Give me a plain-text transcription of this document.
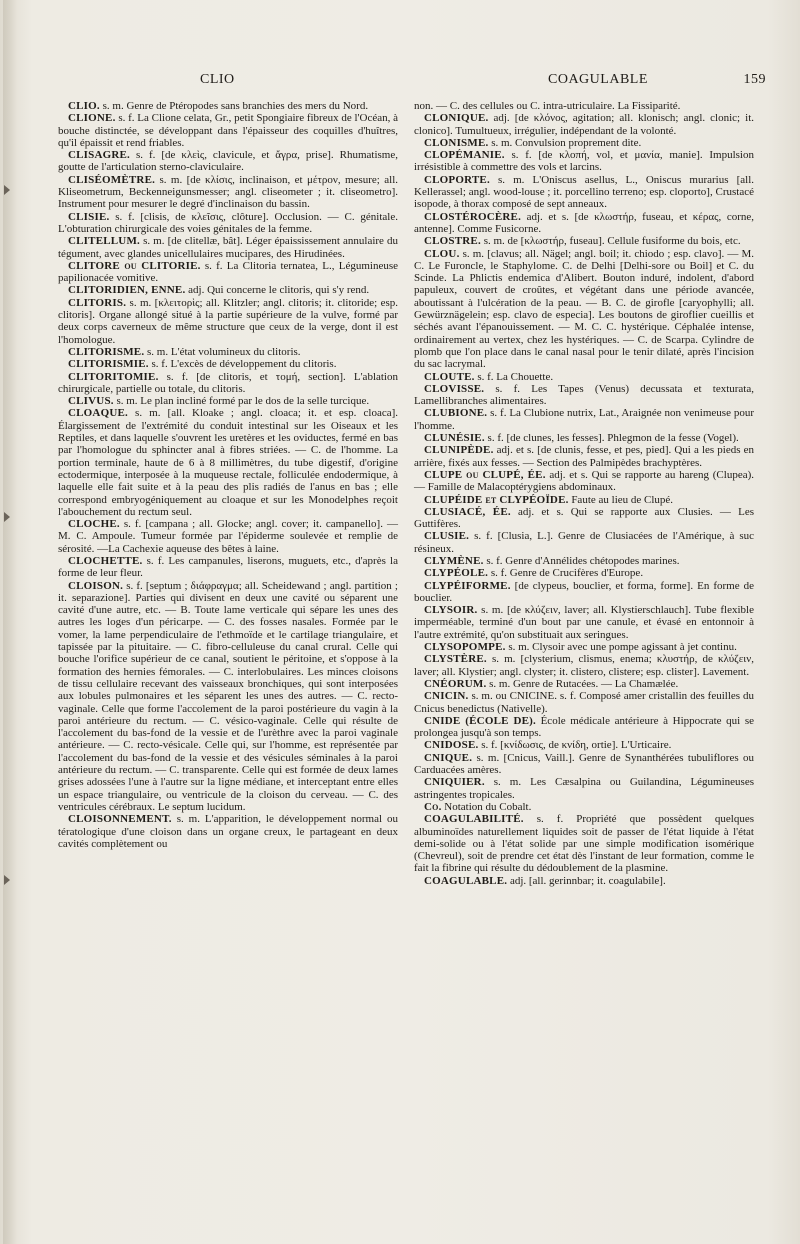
CLIO	COAGULABLE	159

CLIO. s. m. Genre de Ptéropodes sans branchies des mers du Nord.

CLIONE. s. f. La Clione celata, Gr., petit Spongiaire fibreux de l'Océan, à bouche distinctée, se développant dans l'épaisseur des coquilles d'huîtres, qu'il épaissit et rend friables.

CLISAGRE. s. f. [de κλεὶς, clavicule, et ἄγρα, prise]. Rhumatisme, goutte de l'articulation sterno-claviculaire.

CLISÉOMÈTRE. s. m. [de κλίσις, inclinaison, et μέτρον, mesure; all. Kliseometrum, Beckenneigunsmesser; angl. cliseometer ; it. cliseometro]. Instrument pour mesurer le degré d'inclinaison du bassin.

CLISIE. s. f. [clisis, de κλεῖσις, clôture]. Occlusion. — C. génitale. L'obturation chirurgicale des voies génitales de la femme.

CLITELLUM. s. m. [de clitellæ, bât]. Léger épaississement annulaire du tégument, avec glandes unicellulaires mucipares, des Hirudinées.

CLITORE ou CLITORIE. s. f. La Clitoria ternatea, L., Légumineuse papilionacée vomitive.

CLITORIDIEN, ENNE. adj. Qui concerne le clitoris, qui s'y rend.

CLITORIS. s. m. [κλειτορὶς; all. Klitzler; angl. clitoris; it. clitoride; esp. clitoris]. Organe allongé situé à la partie supérieure de la vulve, formé par deux corps caverneux de même structure que ceux de la verge, dont il est l'homologue.

CLITORISME. s. m. L'état volumineux du clitoris.

CLITORISMIE. s. f. L'excès de développement du clitoris.

CLITORITOMIE. s. f. [de clitoris, et τομή, section]. L'ablation chirurgicale, partielle ou totale, du clitoris.

CLIVUS. s. m. Le plan incliné formé par le dos de la selle turcique.

CLOAQUE. s. m. [all. Kloake ; angl. cloaca; it. et esp. cloaca]. Élargissement de l'extrémité du conduit intestinal sur les Oiseaux et les Reptiles, et dans laquelle s'ouvrent les uretères et les oviductes, fermé en bas par l'homologue du sphincter anal à fibres striées. — C. de l'homme. La portion terminale, haute de 6 à 8 millimètres, du tube digestif, d'origine ectodermique, interposée à la muqueuse rectale, folliculée endodermique, à laquelle elle fait suite et à la peau des plis radiés de l'anus en bas ; elle correspond embryogéniquement au cloaque et sur les Monodelphes reçoit l'abouchement du rectum seul.

CLOCHE. s. f. [campana ; all. Glocke; angl. cover; it. campanello]. — M. C. Ampoule. Tumeur formée par l'épiderme soulevée et remplie de sérosité. —La Cachexie aqueuse des bêtes à laine.

CLOCHETTE. s. f. Les campanules, liserons, muguets, etc., d'après la forme de leur fleur.

CLOISON. s. f. [septum ; διάφραγμα; all. Scheidewand ; angl. partition ; it. separazione]. Parties qui divisent en deux une cavité ou séparent une cavité d'une autre, etc. — B. Toute lame verticale qui sépare les unes des autres les loges d'un péricarpe. — C. des fosses nasales. Formée par le vomer, la lame perpendiculaire de l'ethmoïde et le cartilage triangulaire, et tapissée par la pituitaire. — C. fibro-celluleuse du canal crural. Celle qui bouche l'orifice supérieur de ce canal, soutient le péritoine, et s'oppose à la formation des hernies fémorales. — C. interlobulaires. Les minces cloisons de tissu cellulaire recevant des vaisseaux bronchiques, qui sont interposées aux lobules pulmonaires et les séparent les unes des autres. — C. recto-vaginale. Celle que forme l'accolement de la paroi postérieure du vagin à la paroi antérieure du rectum. — C. vésico-vaginale. Celle qui résulte de l'accolement du bas-fond de la vessie et de l'urèthre avec la paroi vaginale antérieure. — C. recto-vésicale. Celle qui, sur l'homme, est représentée par l'accolement du bas-fond de la vessie et des vésicules séminales à la paroi antérieure du rectum. — C. transparente. Celle qui est formée de deux lames grises adossées l'une à l'autre sur la ligne médiane, et interceptant entre elles un espace triangulaire, ou ventricule de la cloison du cerveau. — C. des ventricules cérébraux. Le septum lucidum.

CLOISONNEMENT. s. m. L'apparition, le développement normal ou tératologique d'une cloison dans un organe creux, le partageant en deux cavités complètement ou

non. — C. des cellules ou C. intra-utriculaire. La Fissiparité.

CLONIQUE. adj. [de κλόνος, agitation; all. klonisch; angl. clonic; it. clonico]. Tumultueux, irrégulier, indépendant de la volonté.

CLONISME. s. m. Convulsion proprement dite.

CLOPÉMANIE. s. f. [de κλοπή, vol, et μανία, manie]. Impulsion irrésistible à commettre des vols et larcins.

CLOPORTE. s. m. L'Oniscus asellus, L., Oniscus murarius [all. Kellerassel; angl. wood-louse ; it. porcellino terreno; esp. cloporto], Crustacé isopode, à thorax composé de sept anneaux.

CLOSTÉROCÈRE. adj. et s. [de κλωστήρ, fuseau, et κέρας, corne, antenne]. Comme Fusicorne.

CLOSTRE. s. m. de [κλωστήρ, fuseau]. Cellule fusiforme du bois, etc.

CLOU. s. m. [clavus; all. Nägel; angl. boil; it. chiodo ; esp. clavo]. — M. C. Le Furoncle, le Staphylome. C. de Delhi [Delhi-sore ou Boil] et C. du Scinde. La Phlictis endemica d'Alibert. Bouton induré, indolent, d'abord papuleux, couvert de croûtes, et végétant dans une période avancée, aboutissant à l'ulcération de la peau. — B. C. de girofle [caryophylli; all. Gewürznägelein; esp. clavo de especia]. Les boutons de giroflier cueillis et séchés avant l'épanouissement. — M. C. C. hystérique. Céphalée intense, ordinairement au vertex, chez les hystériques. — C. de Scarpa. Cylindre de plomb que l'on place dans le canal nasal pour le tenir dilaté, après l'incision du sac lacrymal.

CLOUTE. s. f. La Chouette.

CLOVISSE. s. f. Les Tapes (Venus) decussata et texturata, Lamellibranches alimentaires.

CLUBIONE. s. f. La Clubione nutrix, Lat., Araignée non venimeuse pour l'homme.

CLUNÉSIE. s. f. [de clunes, les fesses]. Phlegmon de la fesse (Vogel).

CLUNIPÈDE. adj. et s. [de clunis, fesse, et pes, pied]. Qui a les pieds en arrière, fixés aux fesses. — Section des Palmipèdes brachyptères.

CLUPE ou CLUPÉ, ÉE. adj. et s. Qui se rapporte au hareng (Clupea). — Famille de Malacoptérygiens abdominaux.

CLUPÉIDE et CLYPÉOÏDE. Faute au lieu de Clupé.

CLUSIACÉ, ÉE. adj. et s. Qui se rapporte aux Clusies. — Les Guttifères.

CLUSIE. s. f. [Clusia, L.]. Genre de Clusiacées de l'Amérique, à suc résineux.

CLYMÈNE. s. f. Genre d'Annélides chétopodes marines.

CLYPÉOLE. s. f. Genre de Crucifères d'Europe.

CLYPÉIFORME. [de clypeus, bouclier, et forma, forme]. En forme de bouclier.

CLYSOIR. s. m. [de κλύζειν, laver; all. Klystierschlauch]. Tube flexible imperméable, terminé d'un bout par une canule, et évasé en entonnoir à l'autre extrémité, qu'on substituait aux seringues.

CLYSOPOMPE. s. m. Clysoir avec une pompe agissant à jet continu.

CLYSTÈRE. s. m. [clysterium, clismus, enema; κλυστήρ, de κλύζειν, laver; all. Klystier; angl. clyster; it. clistero, clistere; esp. clister]. Lavement.

CNÉORUM. s. m. Genre de Rutacées. — La Chamælée.

CNICIN. s. m. ou CNICINE. s. f. Composé amer cristallin des feuilles du Cnicus benedictus (Nativelle).

CNIDE (ÉCOLE DE). École médicale antérieure à Hippocrate qui se prolongea jusqu'à son temps.

CNIDOSE. s. f. [κνίδωσις, de κνίδη, ortie]. L'Urticaire.

CNIQUE. s. m. [Cnicus, Vaill.]. Genre de Synanthérées tubuliflores ou Carduacées amères.

CNIQUIER. s. m. Les Cæsalpina ou Guilandina, Légumineuses astringentes tropicales.

Co. Notation du Cobalt.

COAGULABILITÉ. s. f. Propriété que possèdent quelques albuminoïdes naturellement liquides soit de passer de l'état liquide à l'état demi-solide ou à l'état solide par une simple modification isomérique (Chevreul), soit de prendre cet état dès l'instant de leur formation, comme le fait la fibrine qui résulte du dédoublement de la plasmine.

COAGULABLE. adj. [all. gerinnbar; it. coagulabile].
